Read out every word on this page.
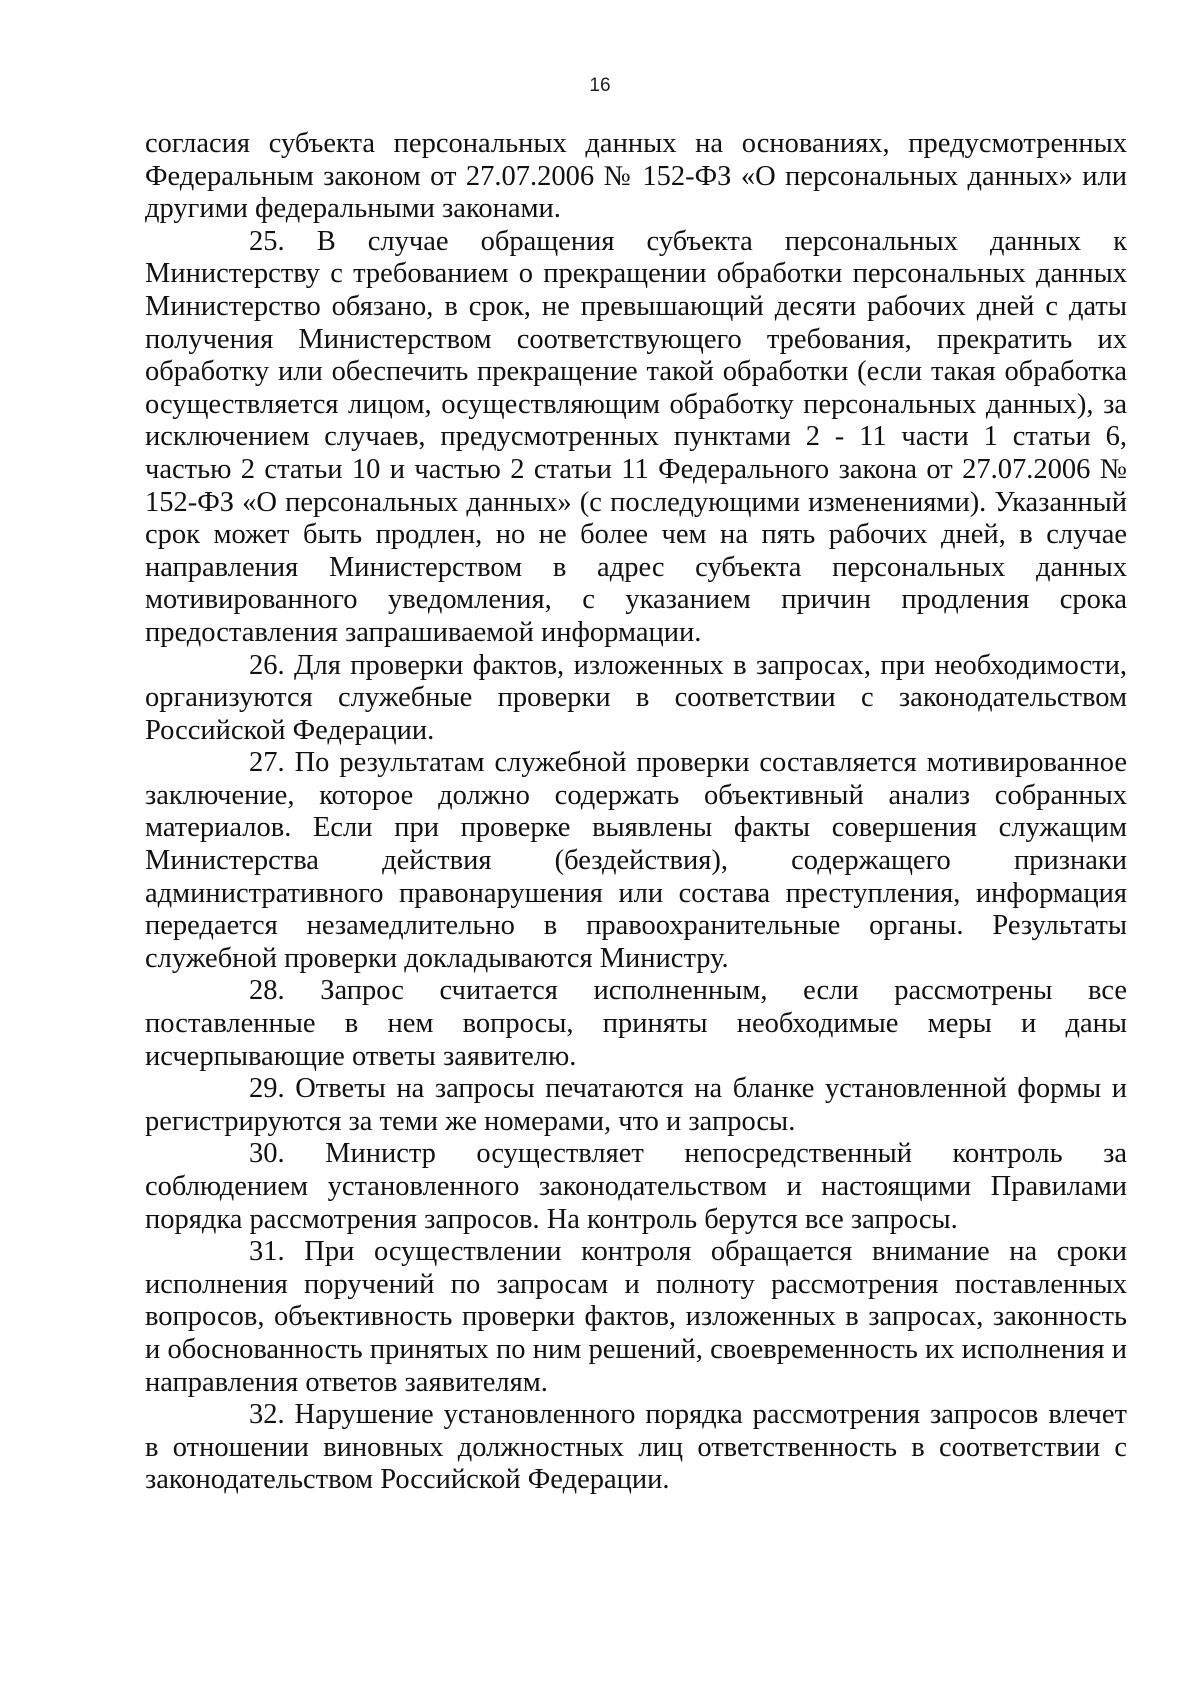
16

согласия субъекта персональных данных на основаниях, предусмотренных Федеральным законом от 27.07.2006 № 152-ФЗ «О персональных данных» или другими федеральными законами.

25. В случае обращения субъекта персональных данных к Министерству с требованием о прекращении обработки персональных данных Министерство обязано, в срок, не превышающий десяти рабочих дней с даты получения Министерством соответствующего требования, прекратить их обработку или обеспечить прекращение такой обработки (если такая обработка осуществляется лицом, осуществляющим обработку персональных данных), за исключением случаев, предусмотренных пунктами 2 - 11 части 1 статьи 6, частью 2 статьи 10 и частью 2 статьи 11 Федерального закона от 27.07.2006 № 152-ФЗ «О персональных данных» (с последующими изменениями). Указанный срок может быть продлен, но не более чем на пять рабочих дней, в случае направления Министерством в адрес субъекта персональных данных мотивированного уведомления, с указанием причин продления срока предоставления запрашиваемой информации.

26. Для проверки фактов, изложенных в запросах, при необходимости, организуются служебные проверки в соответствии с законодательством Российской Федерации.

27. По результатам служебной проверки составляется мотивированное заключение, которое должно содержать объективный анализ собранных материалов. Если при проверке выявлены факты совершения служащим Министерства действия (бездействия), содержащего признаки административного правонарушения или состава преступления, информация передается незамедлительно в правоохранительные органы. Результаты служебной проверки докладываются Министру.

28. Запрос считается исполненным, если рассмотрены все поставленные в нем вопросы, приняты необходимые меры и даны исчерпывающие ответы заявителю.

29. Ответы на запросы печатаются на бланке установленной формы и регистрируются за теми же номерами, что и запросы.

30. Министр осуществляет непосредственный контроль за соблюдением установленного законодательством и настоящими Правилами порядка рассмотрения запросов. На контроль берутся все запросы.

31. При осуществлении контроля обращается внимание на сроки исполнения поручений по запросам и полноту рассмотрения поставленных вопросов, объективность проверки фактов, изложенных в запросах, законность и обоснованность принятых по ним решений, своевременность их исполнения и направления ответов заявителям.

32. Нарушение установленного порядка рассмотрения запросов влечет в отношении виновных должностных лиц ответственность в соответствии с законодательством Российской Федерации.
